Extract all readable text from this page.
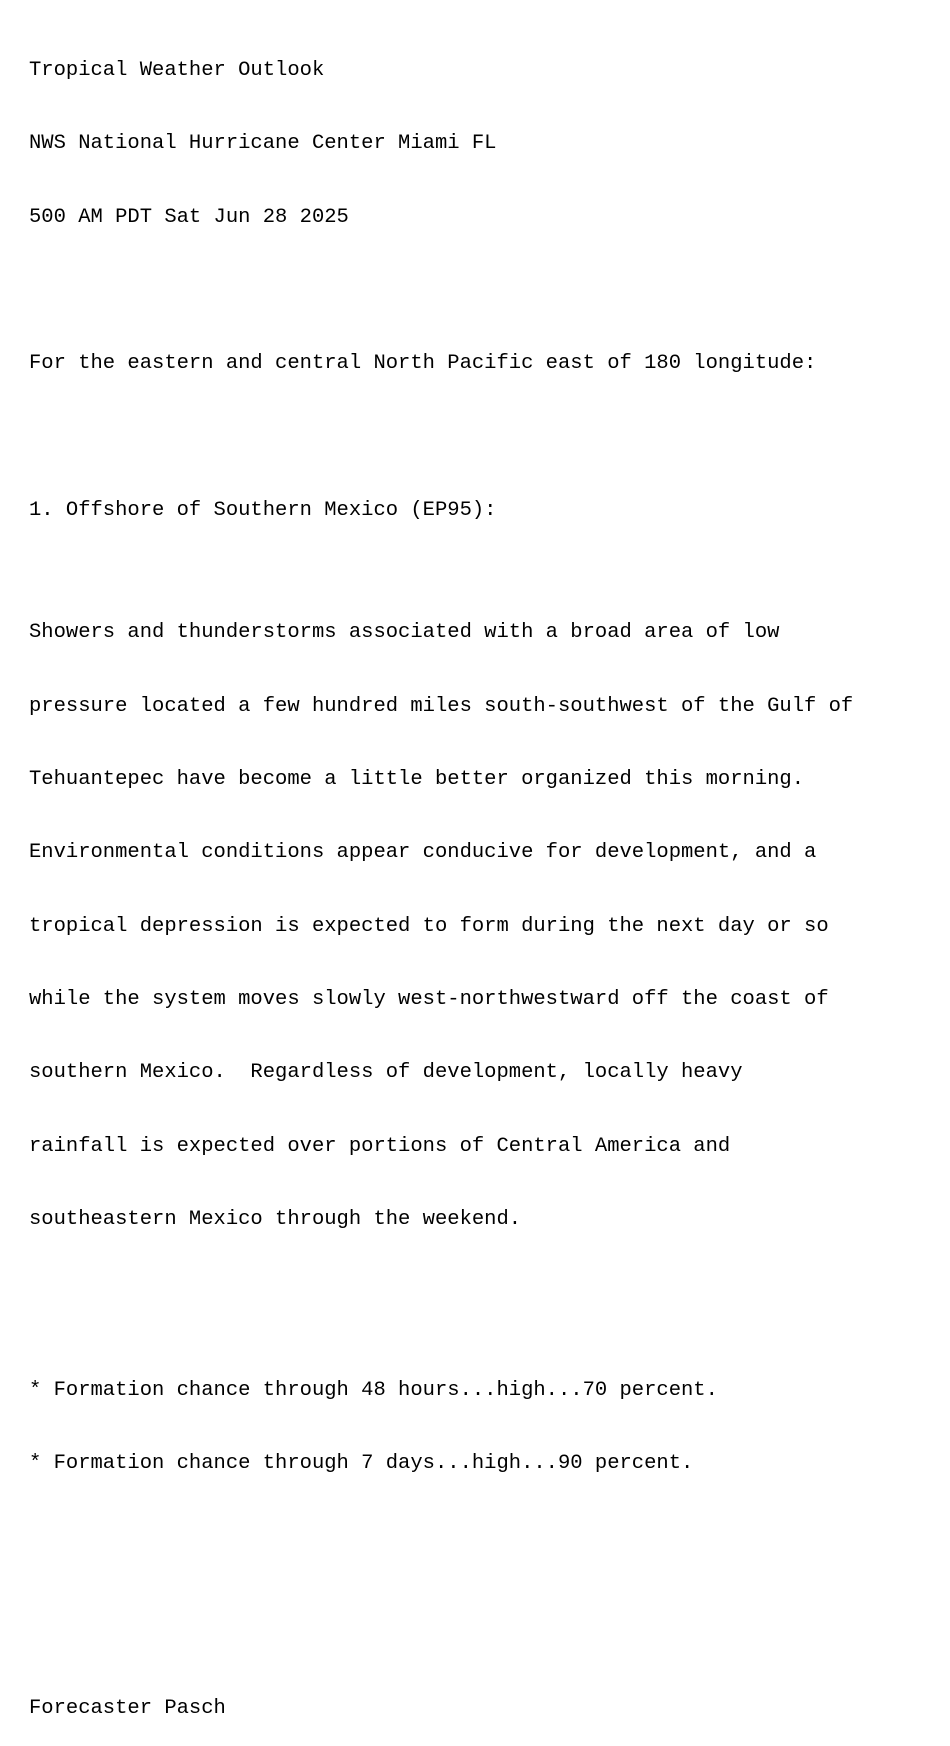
Tropical Weather Outlook

NWS National Hurricane Center Miami FL

500 AM PDT Sat Jun 28 2025

For the eastern and central North Pacific east of 180 longitude:

1. Offshore of Southern Mexico (EP95):

Showers and thunderstorms associated with a broad area of low

pressure located a few hundred miles south-southwest of the Gulf of

Tehuantepec have become a little better organized this morning.

Environmental conditions appear conducive for development, and a

tropical depression is expected to form during the next day or so

while the system moves slowly west-northwestward off the coast of

southern Mexico.  Regardless of development, locally heavy

rainfall is expected over portions of Central America and

southeastern Mexico through the weekend.

* Formation chance through 48 hours...high...70 percent.

* Formation chance through 7 days...high...90 percent.

Forecaster Pasch
